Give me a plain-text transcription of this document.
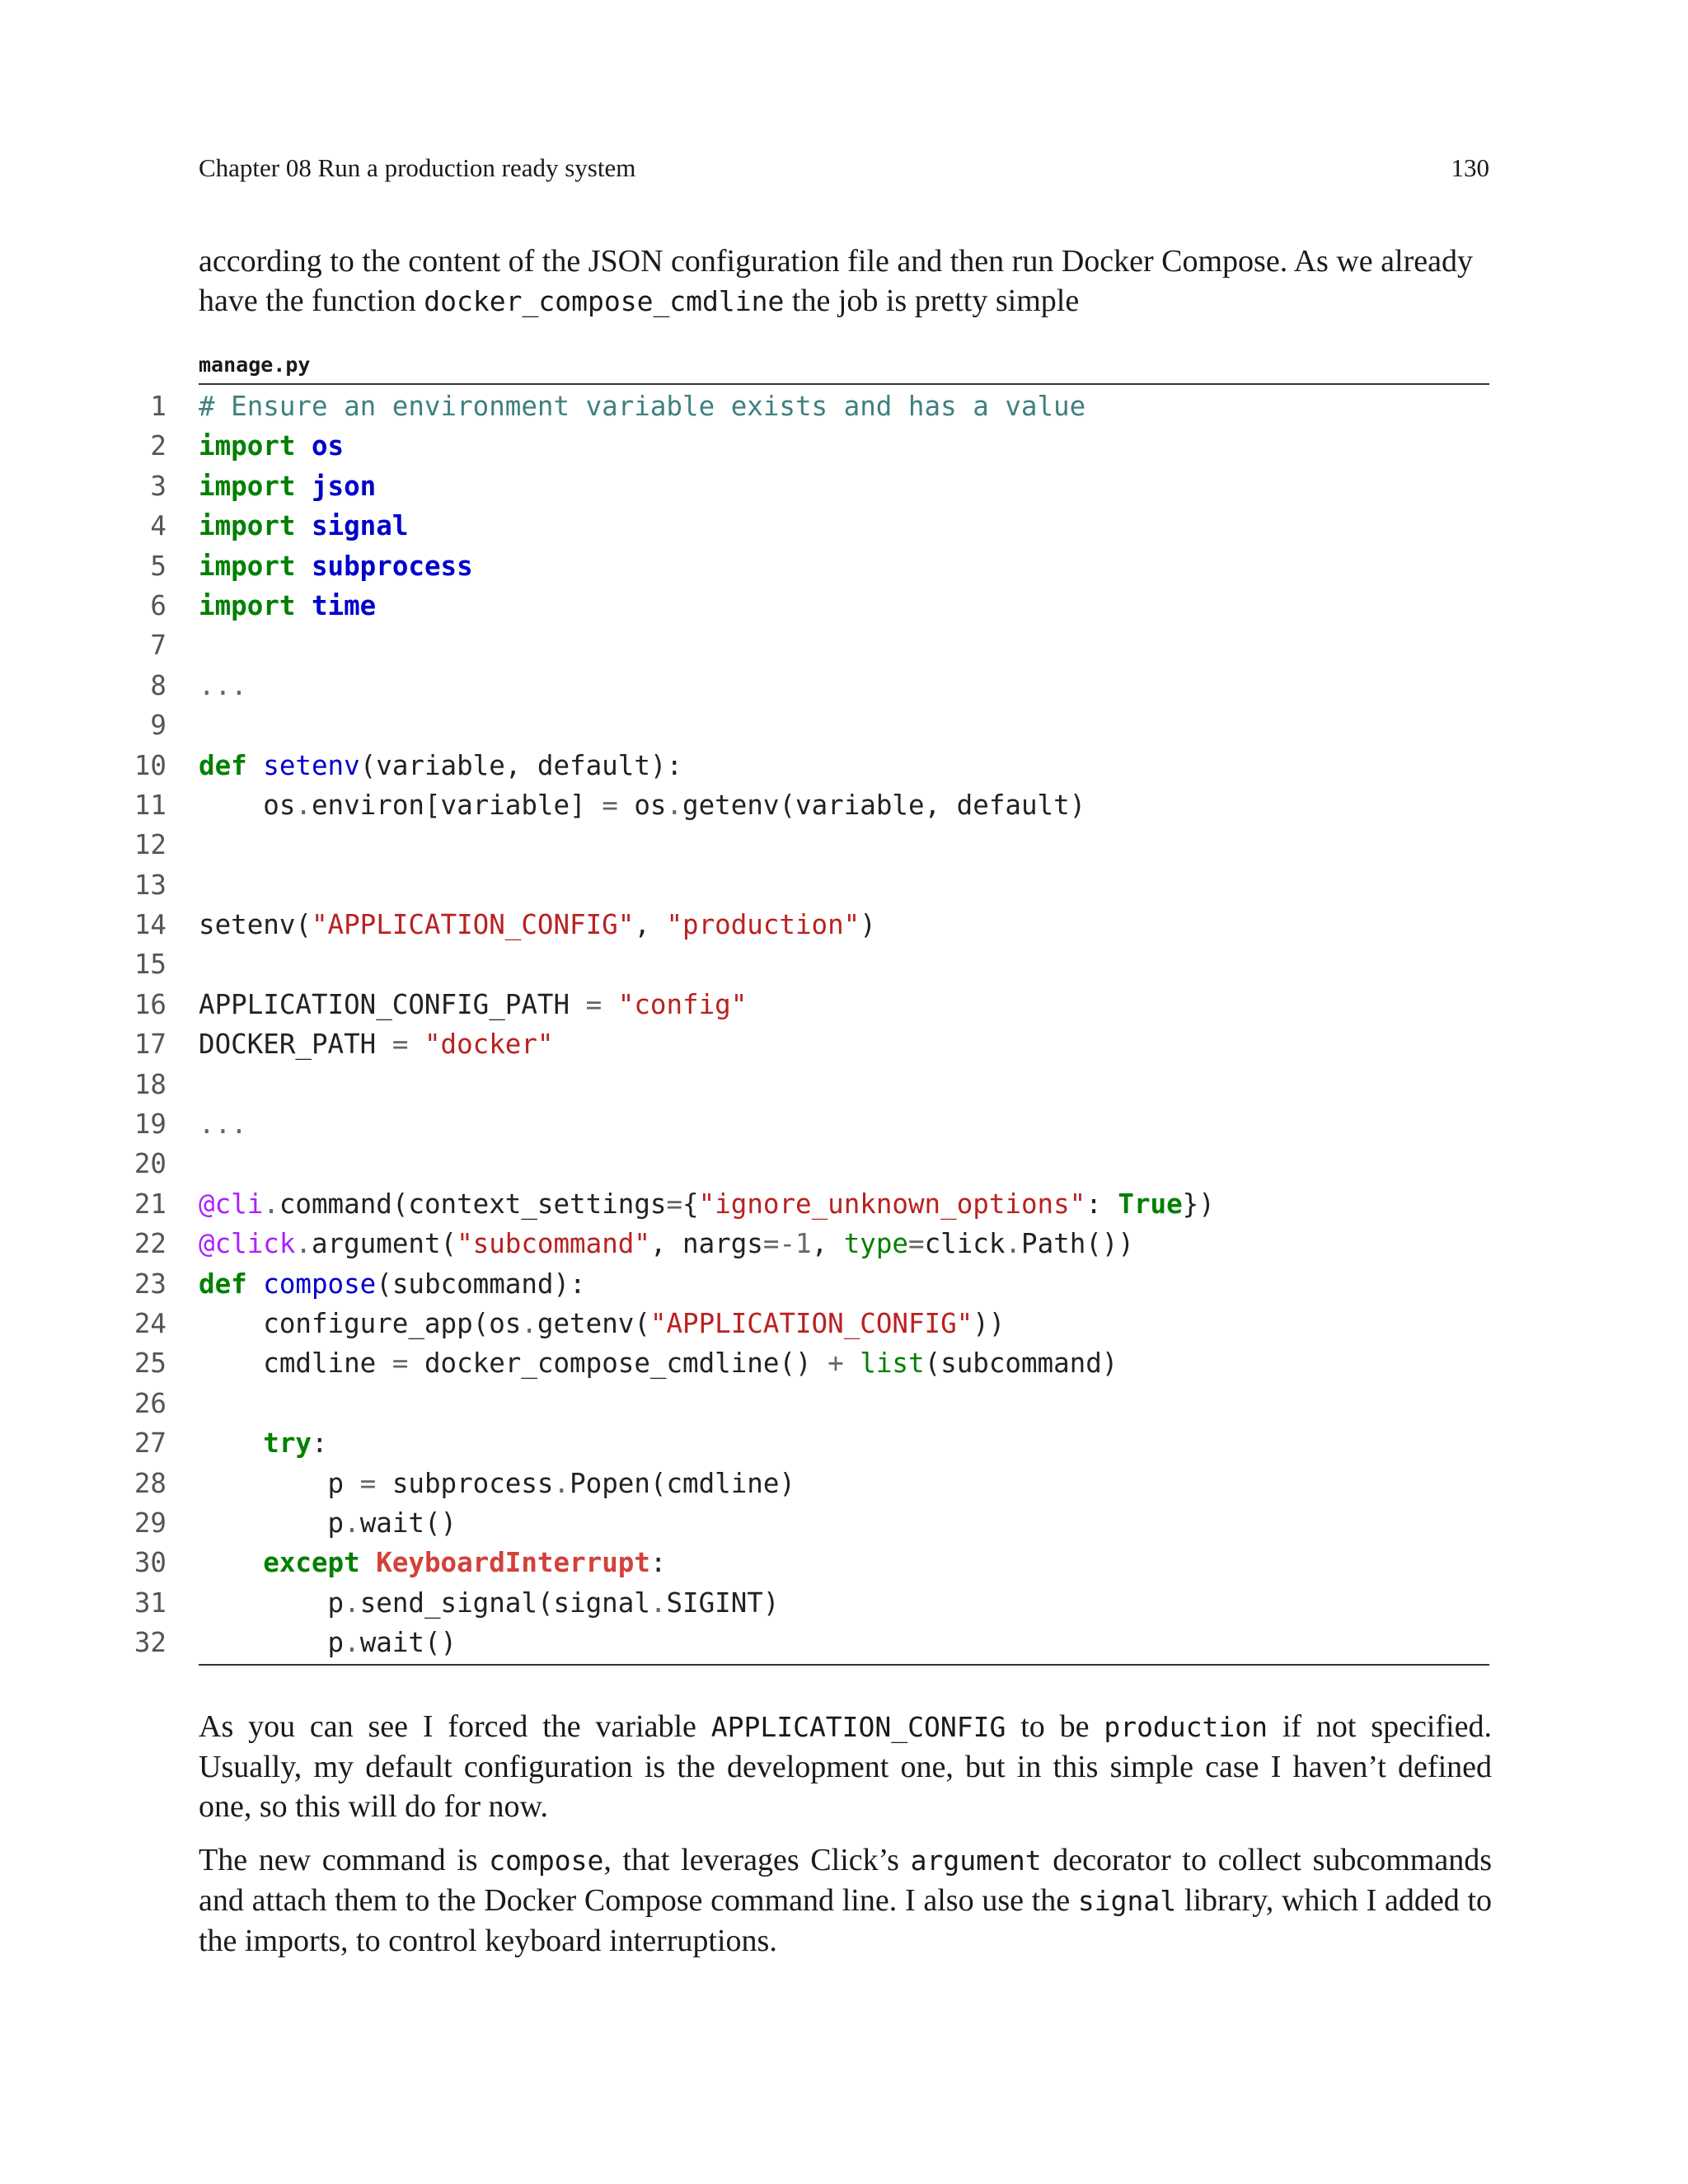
Chapter 08 Run a production ready system	130

according to the content of the JSON configuration file and then run Docker Compose. As we already have the function docker_compose_cmdline the job is pretty simple

manage.py
1 # Ensure an environment variable exists and has a value
2 import os
3 import json
4 import signal
5 import subprocess
6 import time
7
8 ...
9
10 def setenv(variable, default):
11 os.environ[variable] = os.getenv(variable, default)
12
13
14 setenv("APPLICATION_CONFIG", "production")
15
16 APPLICATION_CONFIG_PATH = "config"
17 DOCKER_PATH = "docker"
18
19 ...
20
21 @cli.command(context_settings={"ignore_unknown_options": True})
22 @click.argument("subcommand", nargs=-1, type=click.Path())
23 def compose(subcommand):
24 configure_app(os.getenv("APPLICATION_CONFIG"))
25 cmdline = docker_compose_cmdline() + list(subcommand)
26
27	try:
28 p = subprocess.Popen(cmdline)
29 p.wait()
30	except KeyboardInterrupt:
31 p.send_signal(signal.SIGINT)
32 p.wait()

As you can see I forced the variable APPLICATION_CONFIG to be production if not specified. Usually, my default configuration is the development one, but in this simple case I haven’t defined one, so this will do for now.

The new command is compose, that leverages Click’s argument decorator to collect subcommands and attach them to the Docker Compose command line. I also use the signal library, which I added to the imports, to control keyboard interruptions.
